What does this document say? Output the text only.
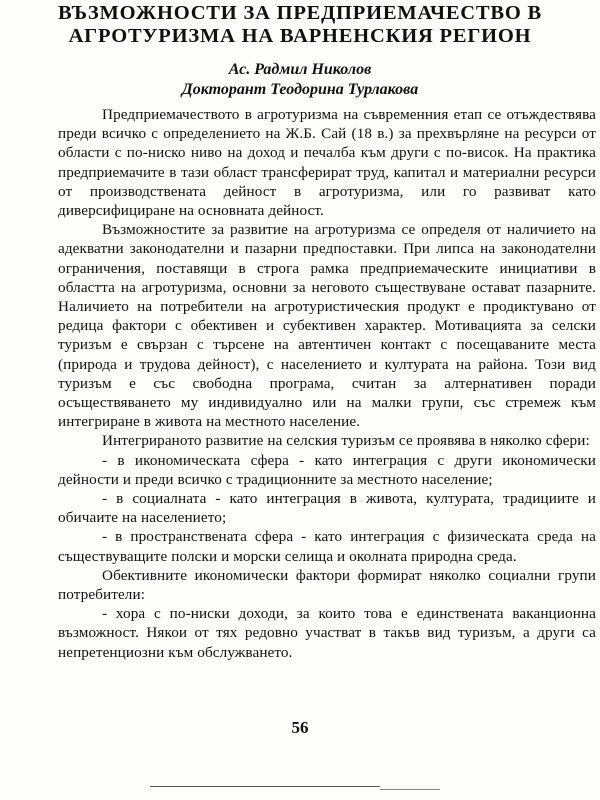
ВЪЗМОЖНОСТИ ЗА ПРЕДПРИЕМАЧЕСТВО В
АГРОТУРИЗМА НА ВАРНЕНСКИЯ РЕГИОН
Ас. Радмил Николов
Докторант Теодорина Турлакова

Предприемачеството в агротуризма на съвременния етап се отъждествява преди всичко с определението на Ж.Б. Сай (18 в.) за прехвърляне на ресурси от области с по-ниско ниво на доход и печалба към други с по-висок. На практика предприемачите в тази област трансферират труд, капитал и материални ресурси от производствената дейност в агротуризма, или го развиват като диверсифициране на основната дейност.

Възможностите за развитие на агротуризма се определя от наличието на адекватни законодателни и пазарни предпоставки. При липса на законодателни ограничения, поставящи в строга рамка предприемаческите инициативи в областта на агротуризма, основни за неговото съществуване остават пазарните. Наличието на потребители на агротуристическия продукт е продиктувано от редица фактори с обективен и субективен характер. Мотивацията за селски туризъм е свързан с търсене на автентичен контакт с посещаваните места (природа и трудова дейност), с населението и културата на района. Този вид туризъм е със свободна програма, считан за алтернативен поради осъществяването му индивидуално или на малки групи, със стремеж към интегриране в живота на местното население.

Интегрираното развитие на селския туризъм се проявява в няколко сфери:

- в икономическата сфера - като интеграция с други икономически дейности и преди всичко с традиционните за местното население;

- в социалната - като интеграция в живота, културата, традициите и обичаите на населението;

- в пространствената сфера - като интеграция с физическата среда на съществуващите полски и морски селища и околната природна среда.

Обективните икономически фактори формират няколко социални групи потребители:

- хора с по-ниски доходи, за които това е единствената ваканционна възможност. Някои от тях редовно участват в такъв вид туризъм, а други са непретенциозни към обслужването.

56
